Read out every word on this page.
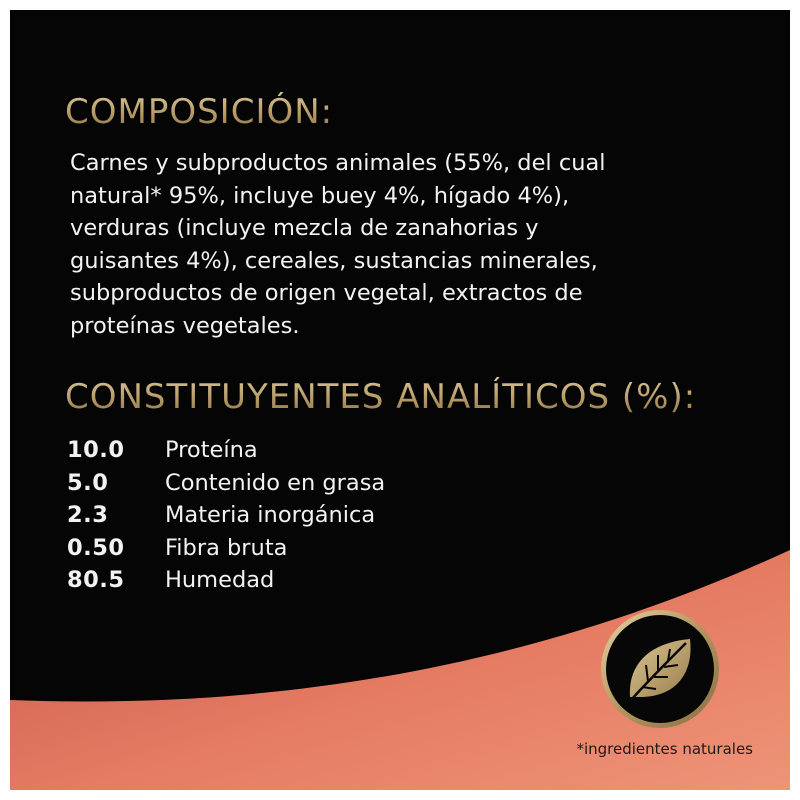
COMPOSICIÓN:
Carnes y subproductos animales (55%, del cual
natural* 95%, incluye buey 4%, hígado 4%),
verduras (incluye mezcla de zanahorias y
guisantes 4%), cereales, sustancias minerales,
subproductos de origen vegetal, extractos de
proteínas vegetales.
CONSTITUYENTES ANALÍTICOS (%):
10.0	Proteína
5.0	Contenido en grasa
2.3	Materia inorgánica
0.50	Fibra bruta
80.5	Humedad
*ingredientes naturales
